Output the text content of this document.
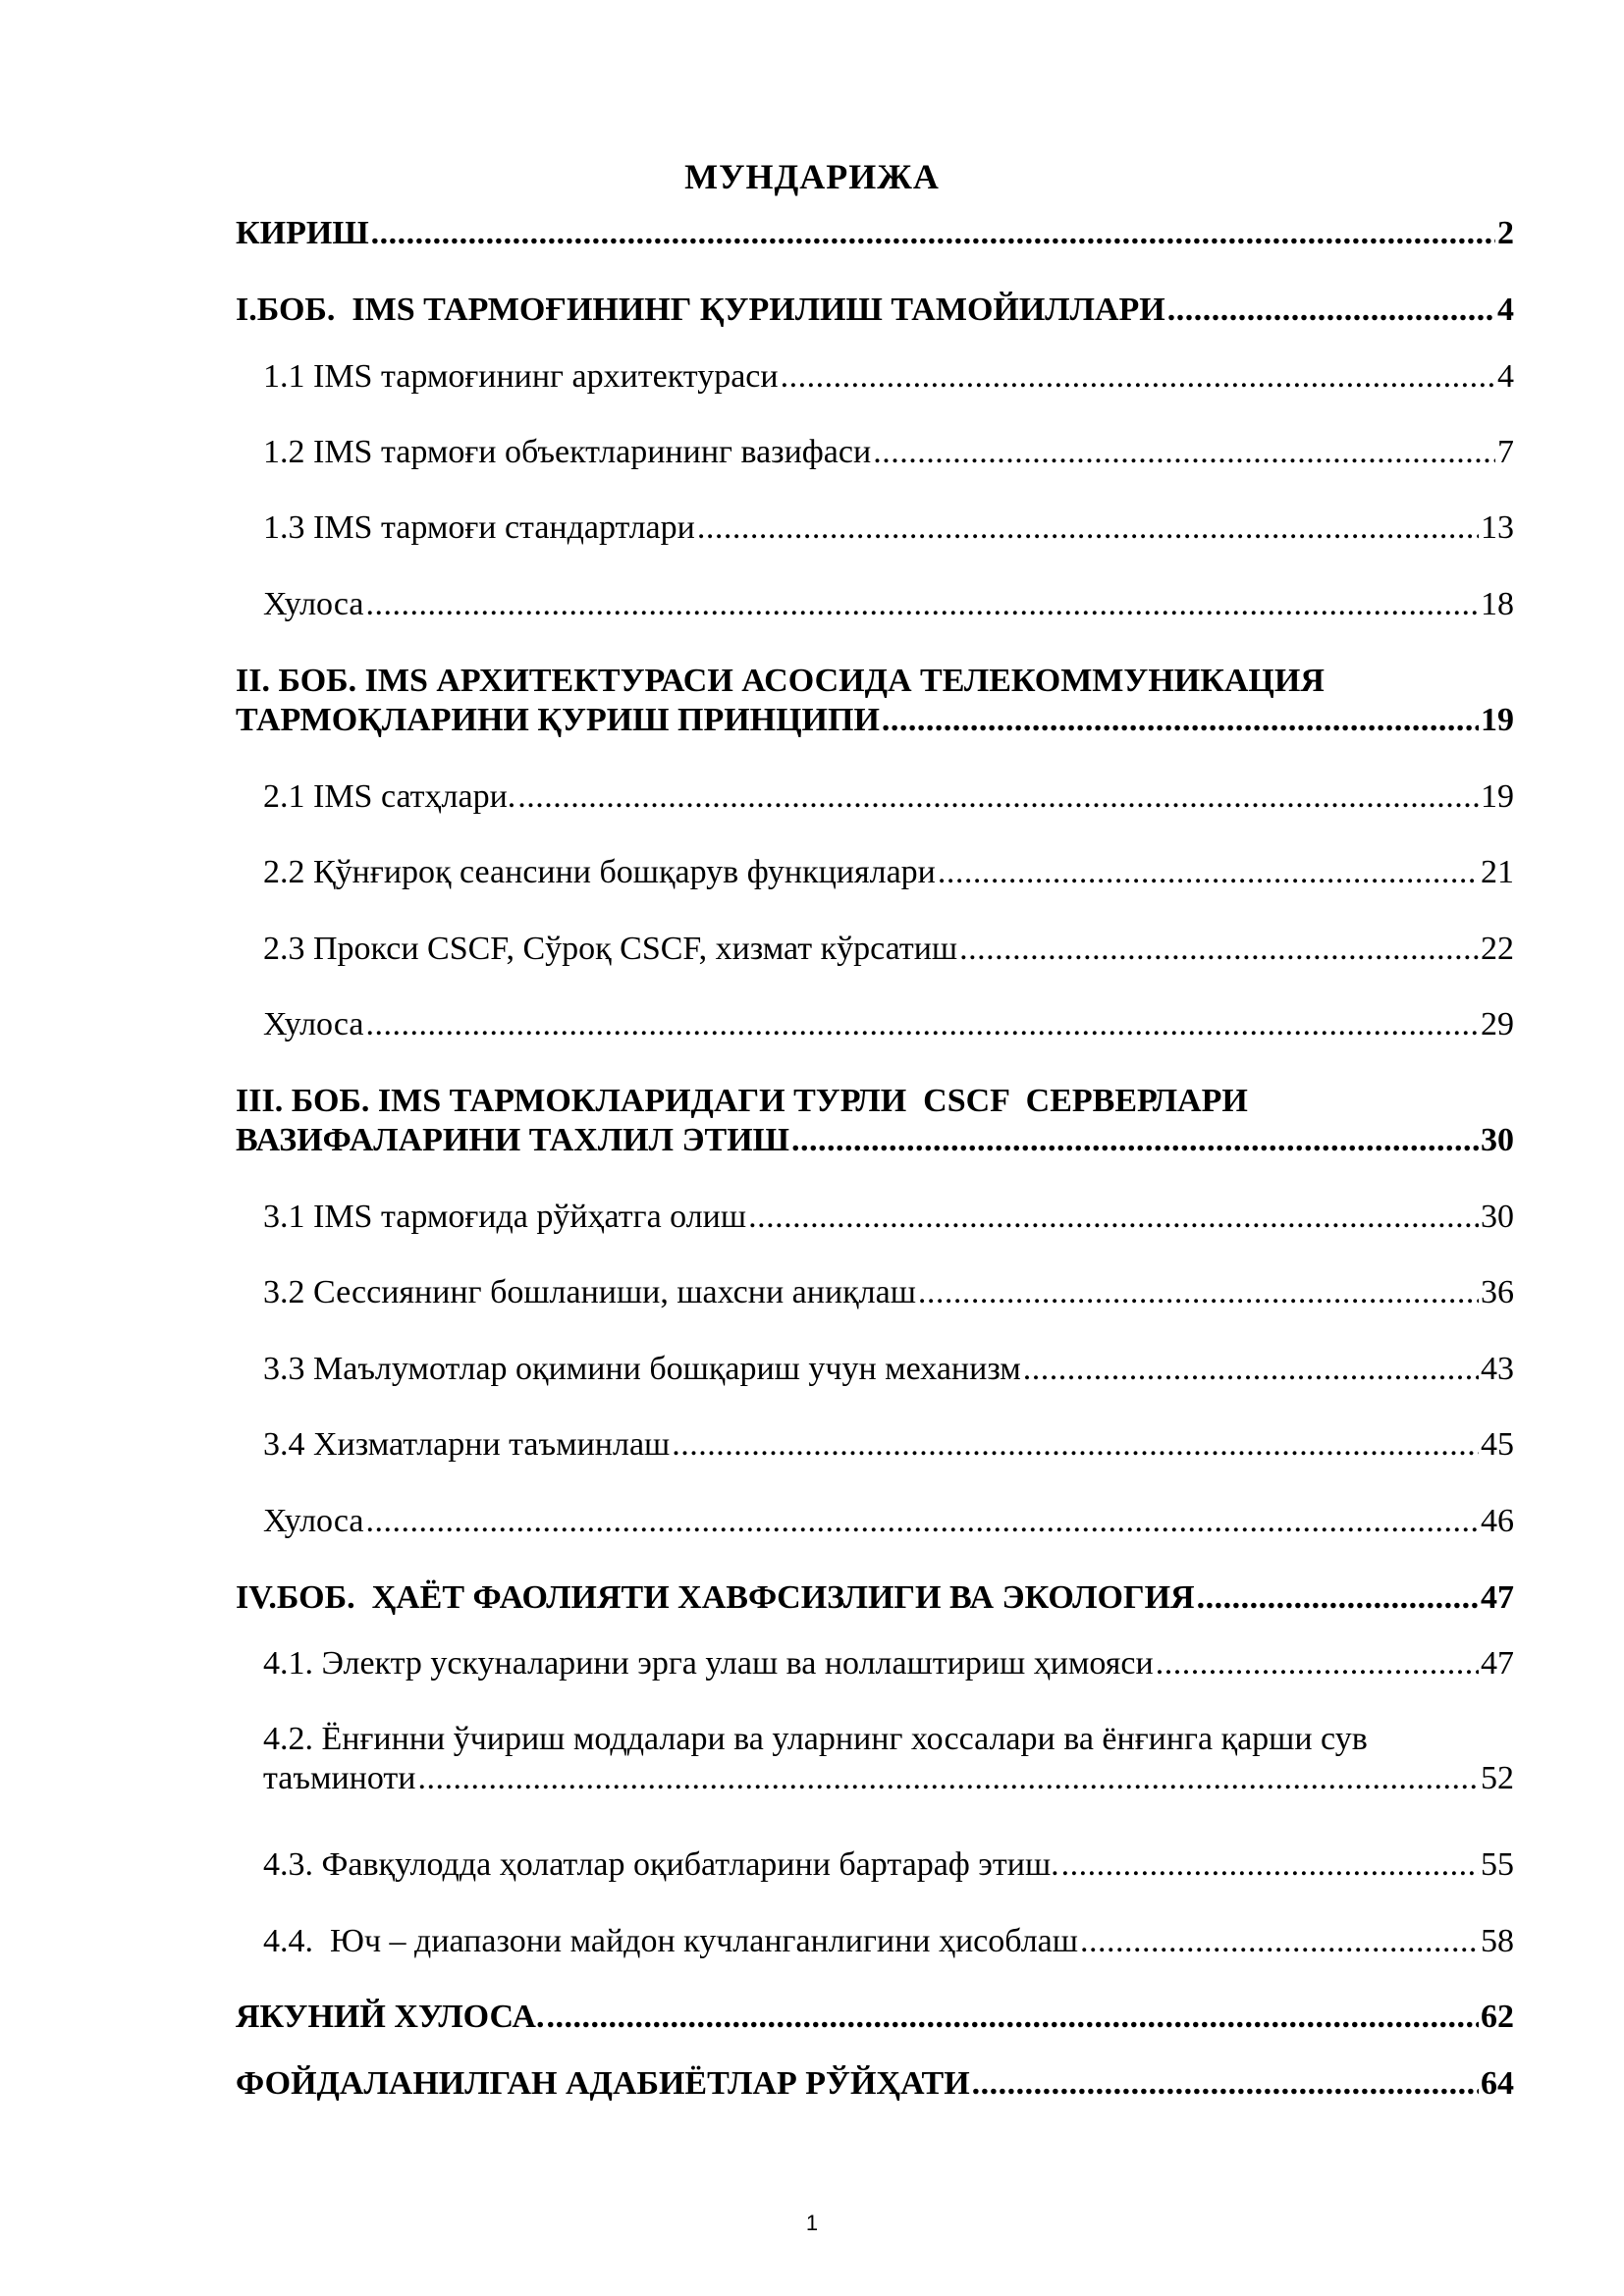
МУНДАРИЖА
КИРИШ . . .	2
I.БОБ.  IMS ТАРМОҒИНИНГ ҚУРИЛИШ ТАМОЙИЛЛАРИ . . .	4
1.1 IMS тармоғининг архитектураси . . .	4
1.2 IMS тармоғи объектларининг вазифаси . . .	7
1.3 IMS тармоғи стандартлари . . .	13
Хулоса . . .	18
II. БОБ. IMS АРХИТЕКТУРАСИ АСОСИДА ТЕЛЕКОММУНИКАЦИЯ
ТАРМОҚЛАРИНИ ҚУРИШ ПРИНЦИПИ . . .	19
2.1 IMS сатҳлари. . . .	19
2.2 Қўнғироқ сеансини бошқарув функциялари . . .	21
2.3 Прокси CSCF, Сўроқ CSCF, хизмат кўрсатиш . . .	22
Хулоса . . .	29
III. БОБ. IMS ТАРМОКЛАРИДАГИ ТУРЛИ  CSCF  СЕРВЕРЛАРИ
ВАЗИФАЛАРИНИ ТАХЛИЛ ЭТИШ . . .	30
3.1 IMS тармоғида рўйҳатга олиш . . .	30
3.2 Сессиянинг бошланиши, шахсни аниқлаш . . .	36
3.3 Маълумотлар оқимини бошқариш учун механизм . . .	43
3.4 Хизматларни таъминлаш . . .	45
Хулоса . . .	46
IV.БОБ.  ҲАЁТ ФАОЛИЯТИ ХАВФСИЗЛИГИ ВА ЭКОЛОГИЯ . . .	47
4.1. Электр ускуналарини эрга улаш ва ноллаштириш ҳимояси . . .	47
4.2. Ёнғинни ўчириш моддалари ва уларнинг хоссалари ва ёнғинга қарши сув
таъминоти . . .	52
4.3. Фавқулодда ҳолатлар оқибатларини бартараф этиш. . . .	55
4.4.  Юч – диапазони майдон кучланганлигини ҳисоблаш . . .	58
ЯКУНИЙ ХУЛОСА. . . .	62
ФОЙДАЛАНИЛГАН АДАБИЁТЛАР РЎЙҲАТИ . . .	64
1
